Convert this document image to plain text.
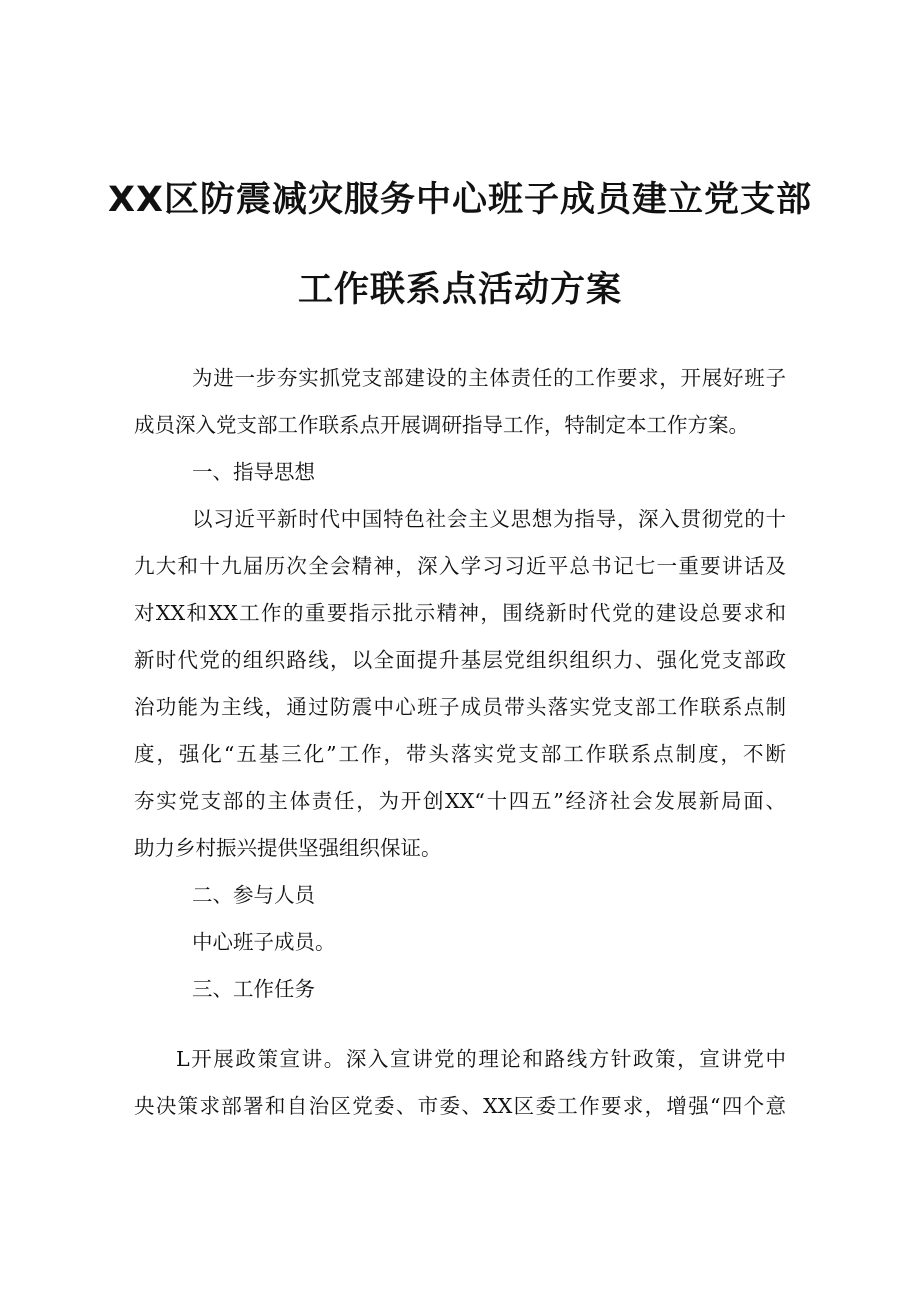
XX区防震减灾服务中心班子成员建立党支部
工作联系点活动方案
为进一步夯实抓党支部建设的主体责任的工作要求，开展好班子
成员深入党支部工作联系点开展调研指导工作，特制定本工作方案。
一、指导思想
以习近平新时代中国特色社会主义思想为指导，深入贯彻党的十
九大和十九届历次全会精神，深入学习习近平总书记七一重要讲话及
对XX和XX工作的重要指示批示精神，围绕新时代党的建设总要求和
新时代党的组织路线，以全面提升基层党组织组织力、强化党支部政
治功能为主线，通过防震中心班子成员带头落实党支部工作联系点制
度，强化“五基三化”工作，带头落实党支部工作联系点制度，不断
夯实党支部的主体责任，为开创XX“十四五”经济社会发展新局面、
助力乡村振兴提供坚强组织保证。
二、参与人员
中心班子成员。
三、工作任务
L开展政策宣讲。深入宣讲党的理论和路线方针政策，宣讲党中
央决策求部署和自治区党委、市委、XX区委工作要求，增强“四个意
